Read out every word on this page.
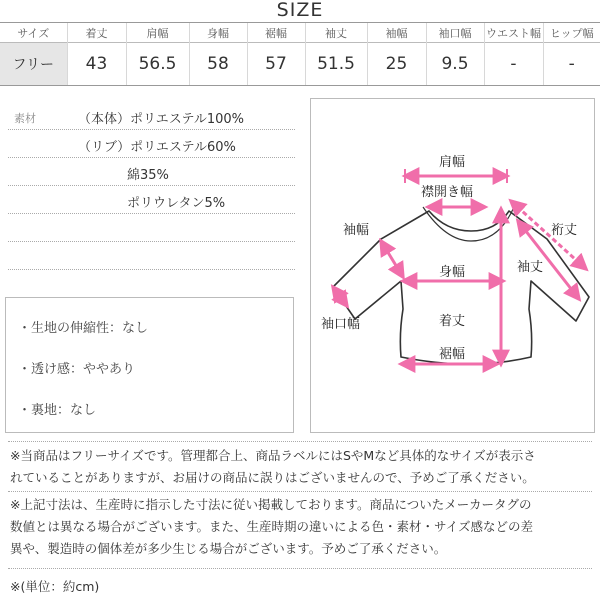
SIZE
サイズ	着丈	肩幅	身幅	裾幅	袖丈	袖幅	袖口幅	ウエスト幅	ヒップ幅
フリー	43	56.5	58	57	51.5	25	9.5	-	-
素材	（本体）ポリエステル100%
（リブ）ポリエステル60%
綿35%
ポリウレタン5%
・生地の伸縮性：なし
・透け感：ややあり
・裏地：なし
肩幅
襟開き幅
袖幅	裄丈
袖丈
身幅
袖口幅	着丈
裾幅
※当商品はフリーサイズです。管理都合上、商品ラベルにはSやMなど具体的なサイズが表示さ
れていることがありますが、お届けの商品に誤りはございませんので、予めご了承ください。
※上記寸法は、生産時に指示した寸法に従い掲載しております。商品についたメーカータグの
数値とは異なる場合がございます。また、生産時期の違いによる色・素材・サイズ感などの差
異や、製造時の個体差が多少生じる場合がございます。予めご了承ください。
※(単位：約cm)
